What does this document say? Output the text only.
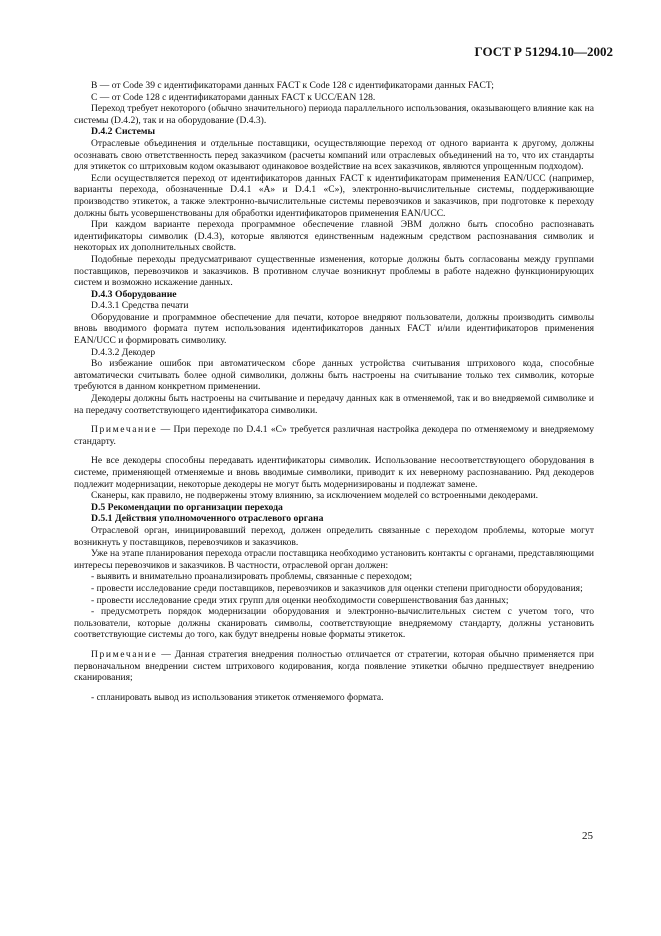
ГОСТ Р 51294.10—2002

В — от Code 39 с идентификаторами данных FACT к Code 128 с идентификаторами данных FACT;

С — от Code 128 с идентификаторами данных FACT к UCC/EAN 128.

Переход требует некоторого (обычно значительного) периода параллельного использования, оказывающего влияние как на системы (D.4.2), так и на оборудование (D.4.3).

D.4.2 Системы

Отраслевые объединения и отдельные поставщики, осуществляющие переход от одного варианта к другому, должны осознавать свою ответственность перед заказчиком (расчеты компаний или отраслевых объединений на то, что их стандарты для этикеток со штриховым кодом оказывают одинаковое воздействие на всех заказчиков, являются упрощенным подходом).

Если осуществляется переход от идентификаторов данных FACT к идентификаторам применения EAN/UCC (например, варианты перехода, обозначенные D.4.1 «А» и D.4.1 «С»), электронно-вычислительные системы, поддерживающие производство этикеток, а также электронно-вычислительные системы перевозчиков и заказчиков, при подготовке к переходу должны быть усовершенствованы для обработки идентификаторов применения EAN/UCC.

При каждом варианте перехода программное обеспечение главной ЭВМ должно быть способно распознавать идентификаторы символик (D.4.3), которые являются единственным надежным средством распознавания символик и некоторых их дополнительных свойств.

Подобные переходы предусматривают существенные изменения, которые должны быть согласованы между группами поставщиков, перевозчиков и заказчиков. В противном случае возникнут проблемы в работе надежно функционирующих систем и возможно искажение данных.

D.4.3 Оборудование

D.4.3.1 Средства печати

Оборудование и программное обеспечение для печати, которое внедряют пользователи, должны производить символы вновь вводимого формата путем использования идентификаторов данных FACT и/или идентификаторов применения EAN/UCC и формировать символику.

D.4.3.2 Декодер

Во избежание ошибок при автоматическом сборе данных устройства считывания штрихового кода, способные автоматически считывать более одной символики, должны быть настроены на считывание только тех символик, которые требуются в данном конкретном применении.

Декодеры должны быть настроены на считывание и передачу данных как в отменяемой, так и во внедряемой символике и на передачу соответствующего идентификатора символики.

Примечание — При переходе по D.4.1 «С» требуется различная настройка декодера по отменяемому и внедряемому стандарту.

Не все декодеры способны передавать идентификаторы символик. Использование несоответствующего оборудования в системе, применяющей отменяемые и вновь вводимые символики, приводит к их неверному распознаванию. Ряд декодеров подлежит модернизации, некоторые декодеры не могут быть модернизированы и подлежат замене.

Сканеры, как правило, не подвержены этому влиянию, за исключением моделей со встроенными декодерами.

D.5 Рекомендации по организации перехода
D.5.1 Действия уполномоченного отраслевого органа

Отраслевой орган, инициировавший переход, должен определить связанные с переходом проблемы, которые могут возникнуть у поставщиков, перевозчиков и заказчиков.

Уже на этапе планирования перехода отрасли поставщика необходимо установить контакты с органами, представляющими интересы перевозчиков и заказчиков. В частности, отраслевой орган должен:

- выявить и внимательно проанализировать проблемы, связанные с переходом;

- провести исследование среди поставщиков, перевозчиков и заказчиков для оценки степени пригодности оборудования;

- провести исследование среди этих групп для оценки необходимости совершенствования баз данных;

- предусмотреть порядок модернизации оборудования и электронно-вычислительных систем с учетом того, что пользователи, которые должны сканировать символы, соответствующие внедряемому стандарту, должны установить соответствующие системы до того, как будут внедрены новые форматы этикеток.

Примечание — Данная стратегия внедрения полностью отличается от стратегии, которая обычно применяется при первоначальном внедрении систем штрихового кодирования, когда появление этикетки обычно предшествует внедрению сканирования;

- спланировать вывод из использования этикеток отменяемого формата.

25
